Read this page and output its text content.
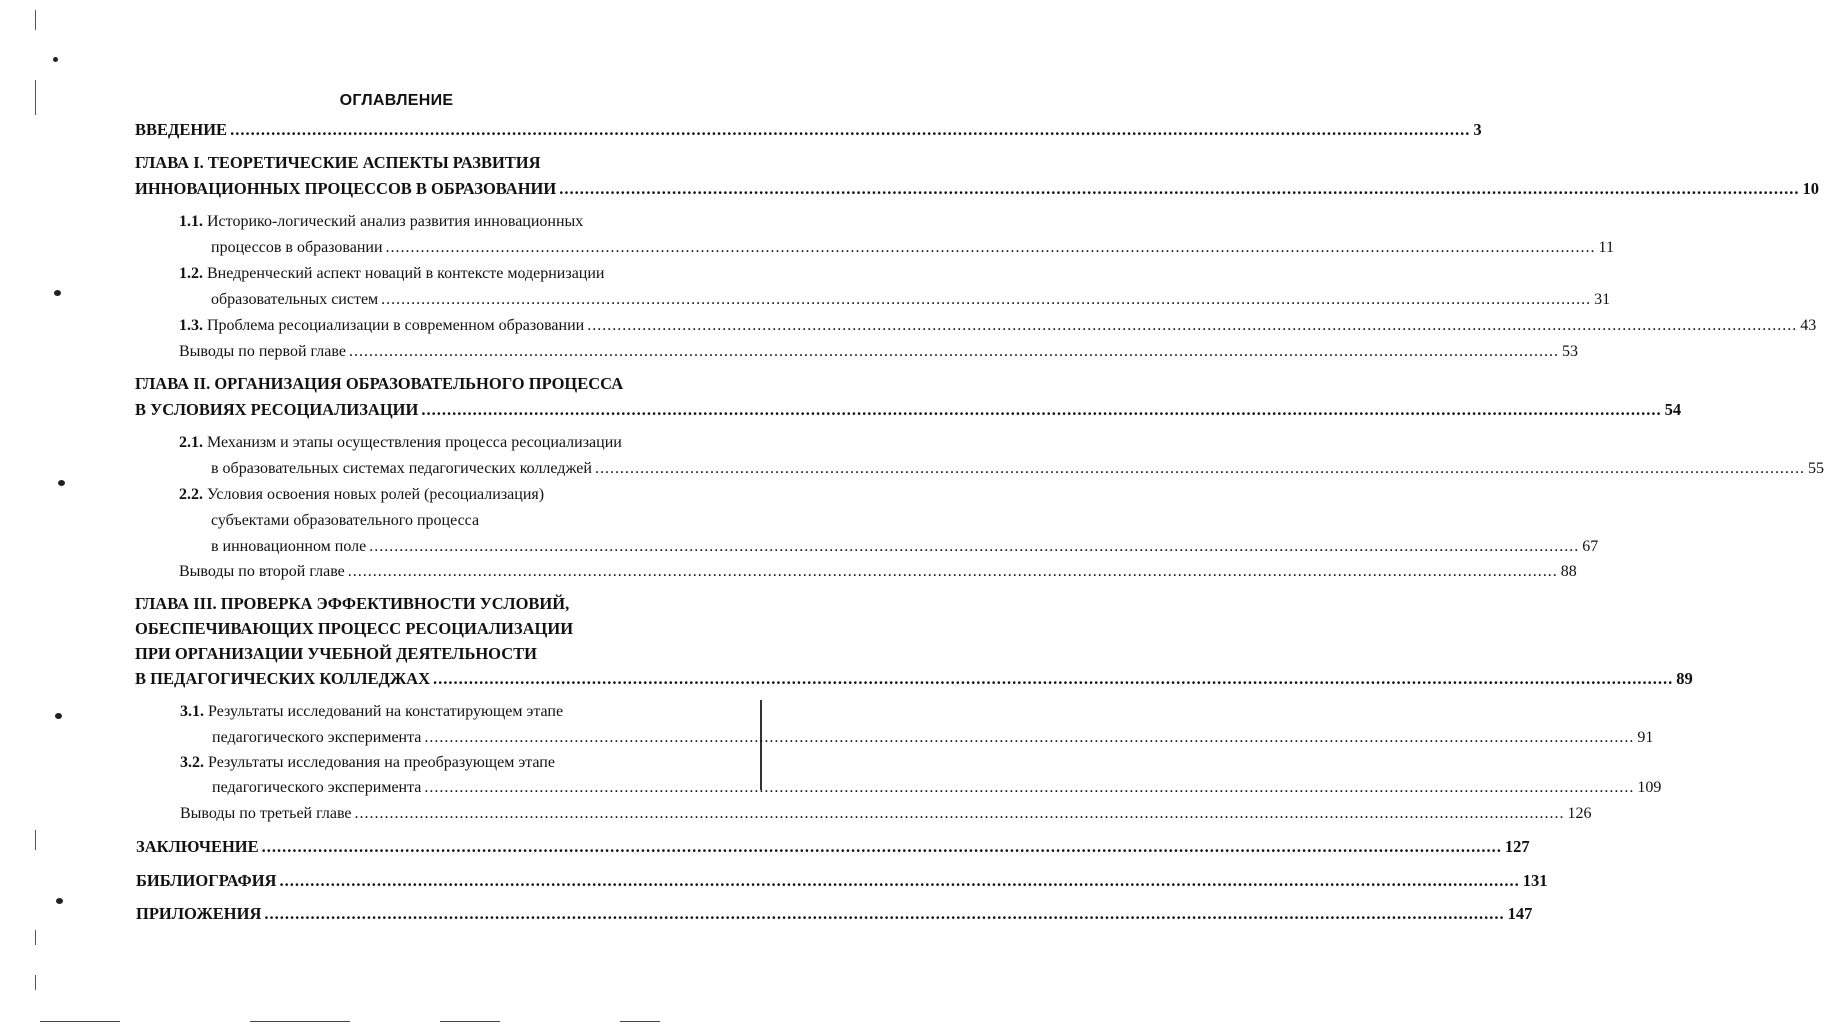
ОГЛАВЛЕНИЕ
ВВЕДЕНИЕ .................................................................................................................................................................................................................................................. 3
ГЛАВА I. ТЕОРЕТИЧЕСКИЕ АСПЕКТЫ РАЗВИТИЯ
ИННОВАЦИОННЫХ ПРОЦЕССОВ В ОБРАЗОВАНИИ .................................................................................................................................................................................................................................................. 10
1.1. Историко-логический анализ развития инновационных
процессов в образовании .................................................................................................................................................................................................................................................. 11
1.2. Внедренческий аспект новаций в контексте модернизации
образовательных систем .................................................................................................................................................................................................................................................. 31
1.3. Проблема ресоциализации в современном образовании .................................................................................................................................................................................................................................................. 43
Выводы по первой главе .................................................................................................................................................................................................................................................. 53
ГЛАВА II. ОРГАНИЗАЦИЯ ОБРАЗОВАТЕЛЬНОГО ПРОЦЕССА
В УСЛОВИЯХ РЕСОЦИАЛИЗАЦИИ .................................................................................................................................................................................................................................................. 54
2.1. Механизм и этапы осуществления процесса ресоциализации
в образовательных системах педагогических колледжей .................................................................................................................................................................................................................................................. 55
2.2. Условия освоения новых ролей (ресоциализация)
субъектами образовательного процесса
в инновационном поле .................................................................................................................................................................................................................................................. 67
Выводы по второй главе .................................................................................................................................................................................................................................................. 88
ГЛАВА III. ПРОВЕРКА ЭФФЕКТИВНОСТИ УСЛОВИЙ,
ОБЕСПЕЧИВАЮЩИХ ПРОЦЕСС РЕСОЦИАЛИЗАЦИИ
ПРИ ОРГАНИЗАЦИИ УЧЕБНОЙ ДЕЯТЕЛЬНОСТИ
В ПЕДАГОГИЧЕСКИХ КОЛЛЕДЖАХ .................................................................................................................................................................................................................................................. 89
3.1. Результаты исследований на констатирующем этапе
педагогического эксперимента .................................................................................................................................................................................................................................................. 91
3.2. Результаты исследования на преобразующем этапе
педагогического эксперимента .................................................................................................................................................................................................................................................. 109
Выводы по третьей главе .................................................................................................................................................................................................................................................. 126
ЗАКЛЮЧЕНИЕ .................................................................................................................................................................................................................................................. 127
БИБЛИОГРАФИЯ .................................................................................................................................................................................................................................................. 131
ПРИЛОЖЕНИЯ .................................................................................................................................................................................................................................................. 147
